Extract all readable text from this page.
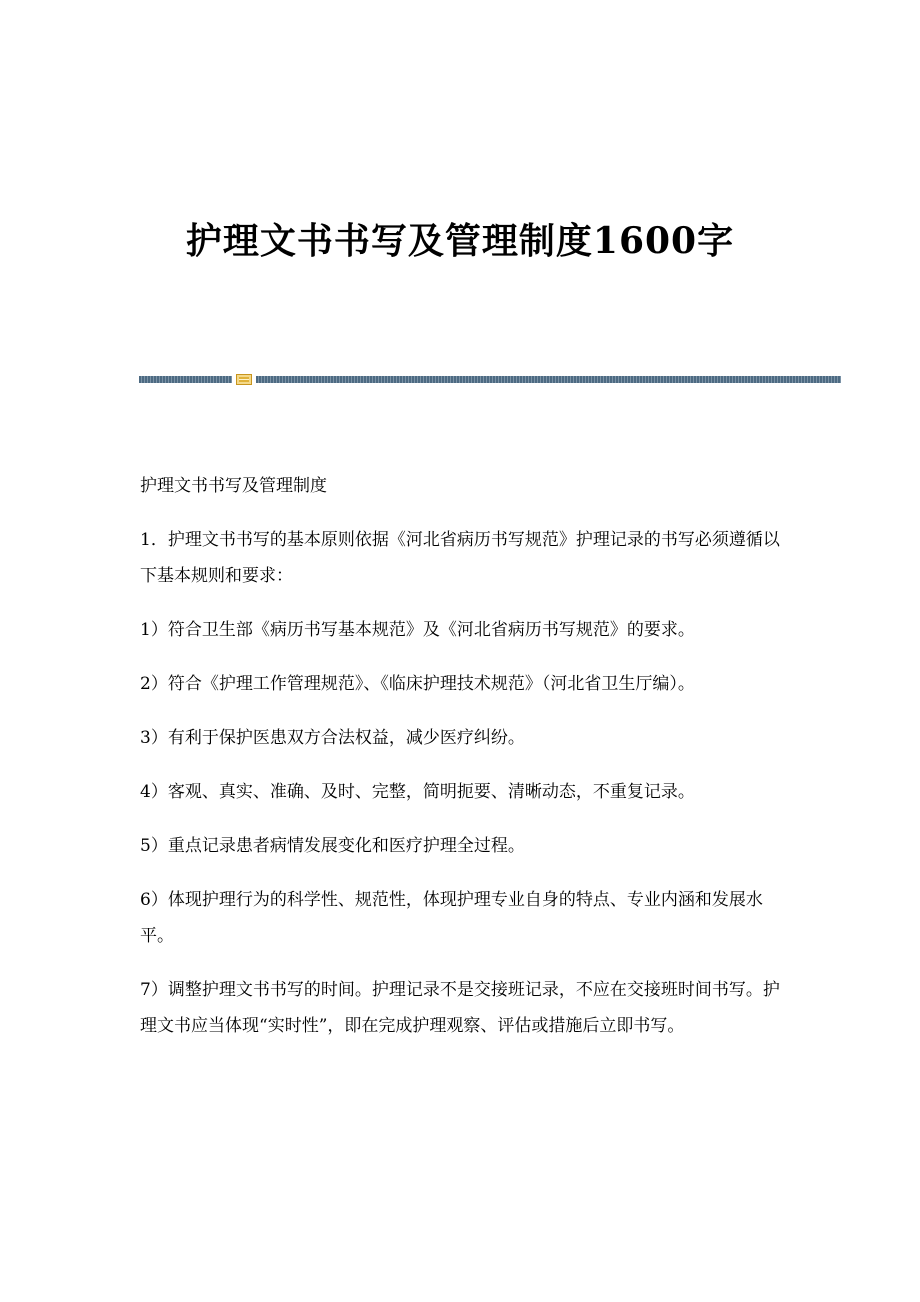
护理文书书写及管理制度1600字

护理文书书写及管理制度

1．护理文书书写的基本原则依据《河北省病历书写规范》护理记录的书写必须遵循以下基本规则和要求：

1）符合卫生部《病历书写基本规范》及《河北省病历书写规范》的要求。

2）符合《护理工作管理规范》、《临床护理技术规范》（河北省卫生厅编）。

3）有利于保护医患双方合法权益，减少医疗纠纷。

4）客观、真实、准确、及时、完整，简明扼要、清晰动态，不重复记录。

5）重点记录患者病情发展变化和医疗护理全过程。

6）体现护理行为的科学性、规范性，体现护理专业自身的特点、专业内涵和发展水平。

7）调整护理文书书写的时间。护理记录不是交接班记录，不应在交接班时间书写。护理文书应当体现“实时性”，即在完成护理观察、评估或措施后立即书写。
